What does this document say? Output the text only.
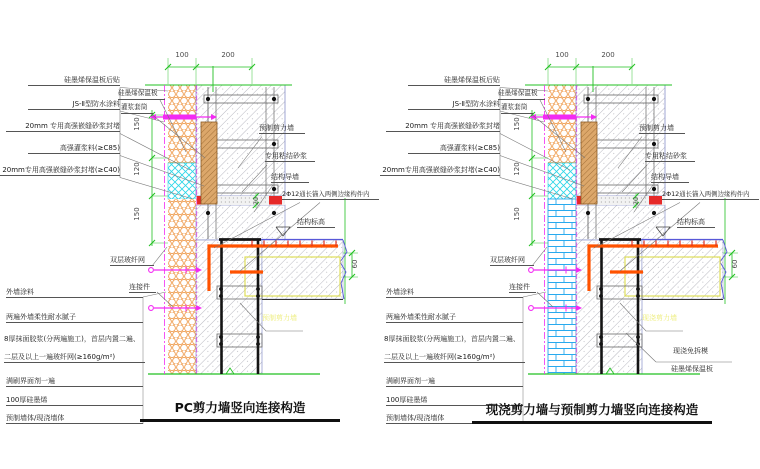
硅墨烯保温板后贴
JS-Ⅱ型防水涂料
20mm 专用高强嵌缝砂浆封堵
高强灌浆料(≥C85)
20mm专用高强嵌缝砂浆封堵(≥C40)
硅墨烯保温板
灌浆套筒
双层玻纤网
连接件
外墙涂料
两遍外墙柔性耐水腻子
8厚抹面胶浆(分两遍施工)，首层内置二遍、
二层及以上一遍玻纤网(≥160g/m²)
满刷界面剂一遍
100厚硅墨烯
预制墙体/现浇墙体
预制剪力墙
专用粘结砂浆
结构导墙
2Φ12通长锚入两侧边缘构件内
结构标高
预制剪力墙
100	200
150
120
150
60
20
PC剪力墙竖向连接构造
硅墨烯保温板后贴
JS-Ⅱ型防水涂料
20mm 专用高强嵌缝砂浆封堵
高强灌浆料(≥C85)
20mm专用高强嵌缝砂浆封堵(≥C40)
硅墨烯保温板
灌浆套筒
双层玻纤网
连接件
外墙涂料
两遍外墙柔性耐水腻子
8厚抹面胶浆(分两遍施工)，首层内置二遍、
二层及以上一遍玻纤网(≥160g/m²)
满刷界面剂一遍
100厚硅墨烯
预制墙体/现浇墙体
预制剪力墙
专用粘结砂浆
结构导墙
2Φ12通长锚入两侧边缘构件内
结构标高
现浇剪力墙
现浇免拆模
硅墨烯保温板
100	200
150
120
150
60
20
现浇剪力墙与预制剪力墙竖向连接构造
